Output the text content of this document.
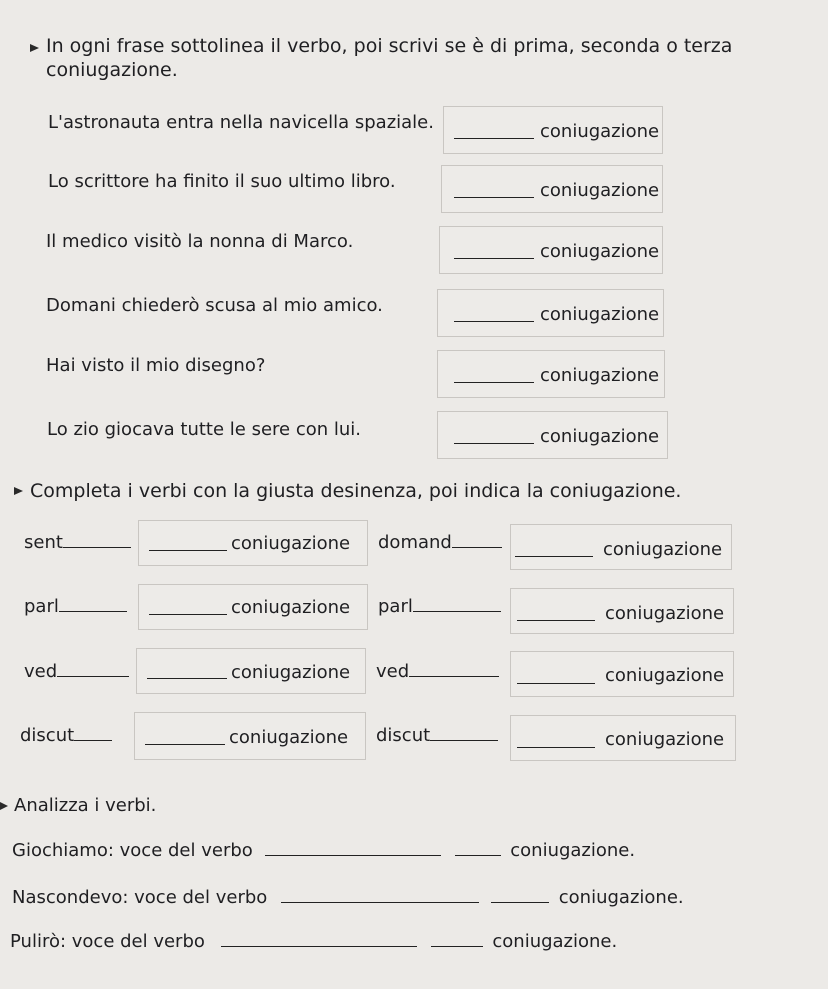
In ogni frase sottolinea il verbo, poi scrivi se è di prima, seconda o terza
coniugazione.
L'astronauta entra nella navicella spaziale.	coniugazione
Lo scrittore ha finito il suo ultimo libro.	coniugazione
Il medico visitò la nonna di Marco.	coniugazione
Domani chiederò scusa al mio amico.	coniugazione
Hai visto il mio disegno?	coniugazione
Lo zio giocava tutte le sere con lui.	coniugazione
Completa i verbi con la giusta desinenza, poi indica la coniugazione.
sent	coniugazione domand	coniugazione
parl	coniugazione parl	coniugazione
ved	coniugazione ved	coniugazione
discut	coniugazione discut	coniugazione
Analizza i verbi.
Giochiamo: voce del verbo	coniugazione.
Nascondevo: voce del verbo	coniugazione.
Pulirò: voce del verbo	coniugazione.
